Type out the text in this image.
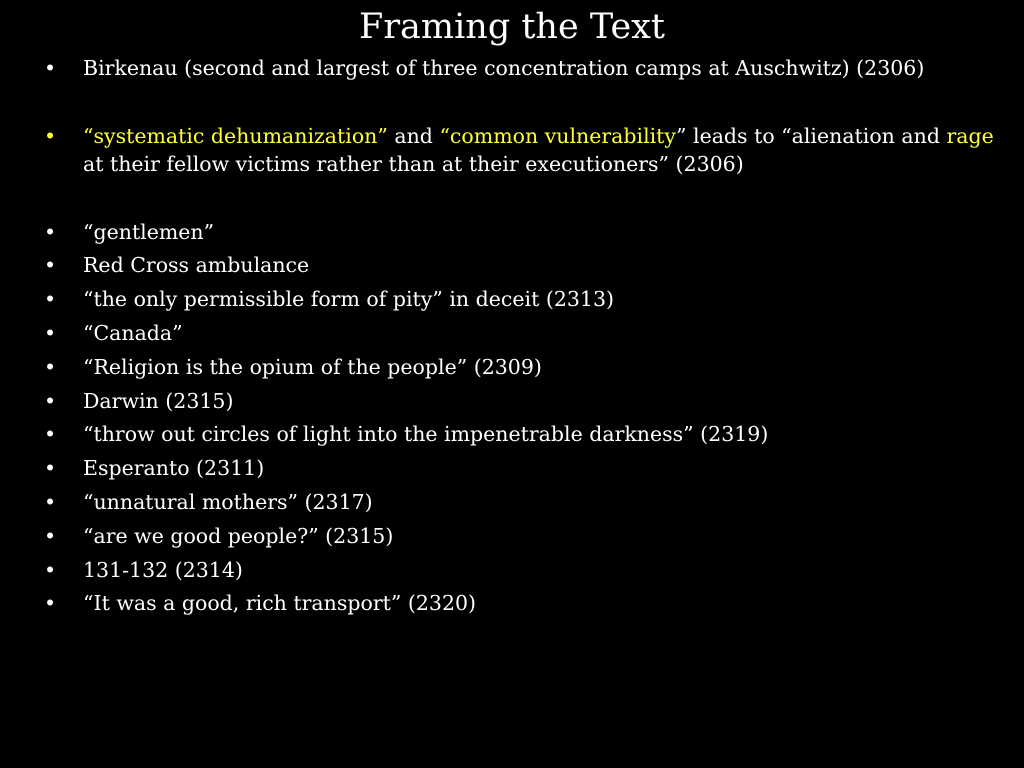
Framing the Text
• Birkenau (second and largest of three concentration camps at Auschwitz) (2306)
• “systematic dehumanization” and “common vulnerability” leads to “alienation and rage at their fellow victims rather than at their executioners” (2306)
• “gentlemen”
• Red Cross ambulance
• “the only permissible form of pity” in deceit (2313)
• “Canada”
• “Religion is the opium of the people” (2309)
• Darwin (2315)
• “throw out circles of light into the impenetrable darkness” (2319)
• Esperanto (2311)
• “unnatural mothers” (2317)
• “are we good people?” (2315)
• 131-132 (2314)
• “It was a good, rich transport” (2320)
